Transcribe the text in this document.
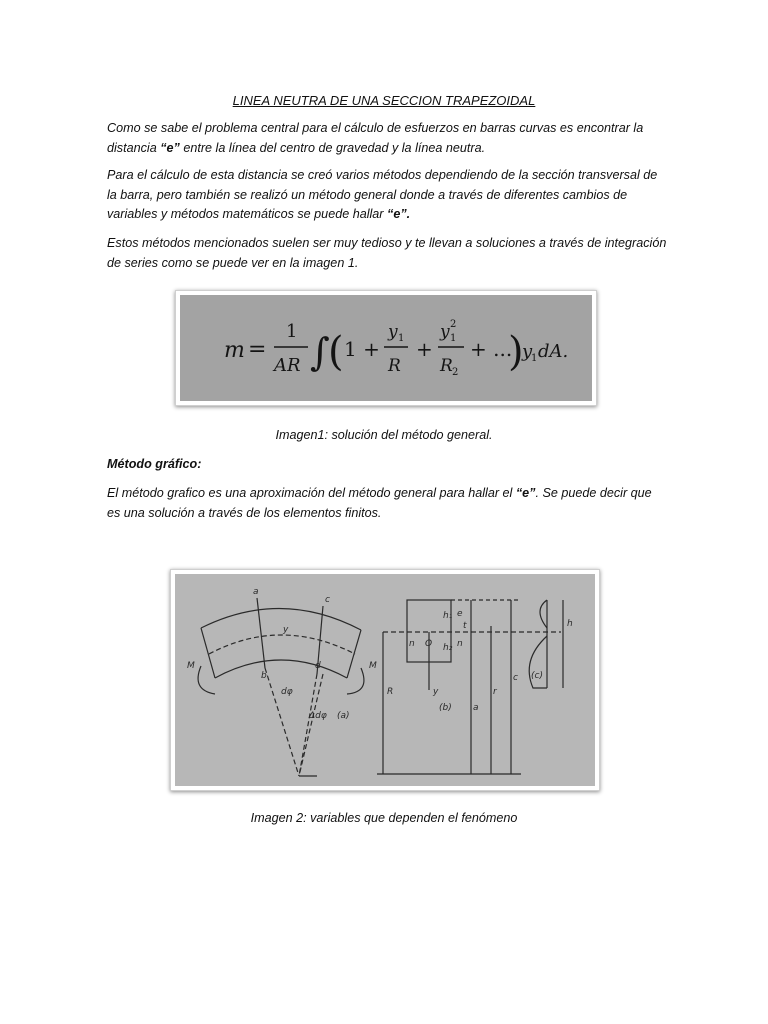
LINEA NEUTRA DE UNA SECCION TRAPEZOIDAL
Como se sabe el problema central para el cálculo de esfuerzos en barras curvas es encontrar la distancia “e” entre la línea del centro de gravedad y la línea neutra.
Para el cálculo de esta distancia se creó varios métodos dependiendo de la sección transversal de la barra, pero también se realizó un método general donde a través de diferentes cambios de variables y métodos matemáticos se puede hallar “e”.
Estos métodos mencionados suelen ser muy tedioso y te llevan a soluciones a través de integración de series como se puede ver en la imagen 1.
m =
1
AR ∫
( 1 +
y 1
R
+
y 2
1
R 2
+ ...
)
y
1 dA.
Imagen1: solución del método general.
Método gráfico:
El método grafico es una aproximación del método general para hallar el “e”. Se puede decir que es una solución a través de los elementos finitos.
a
c
M	M
b
d
dφ
Δdφ (a)
(b)
(c)
R
a
r
c
O
n	n
y
h₁
h₂
e
t	h
y
Imagen 2: variables que dependen el fenómeno
